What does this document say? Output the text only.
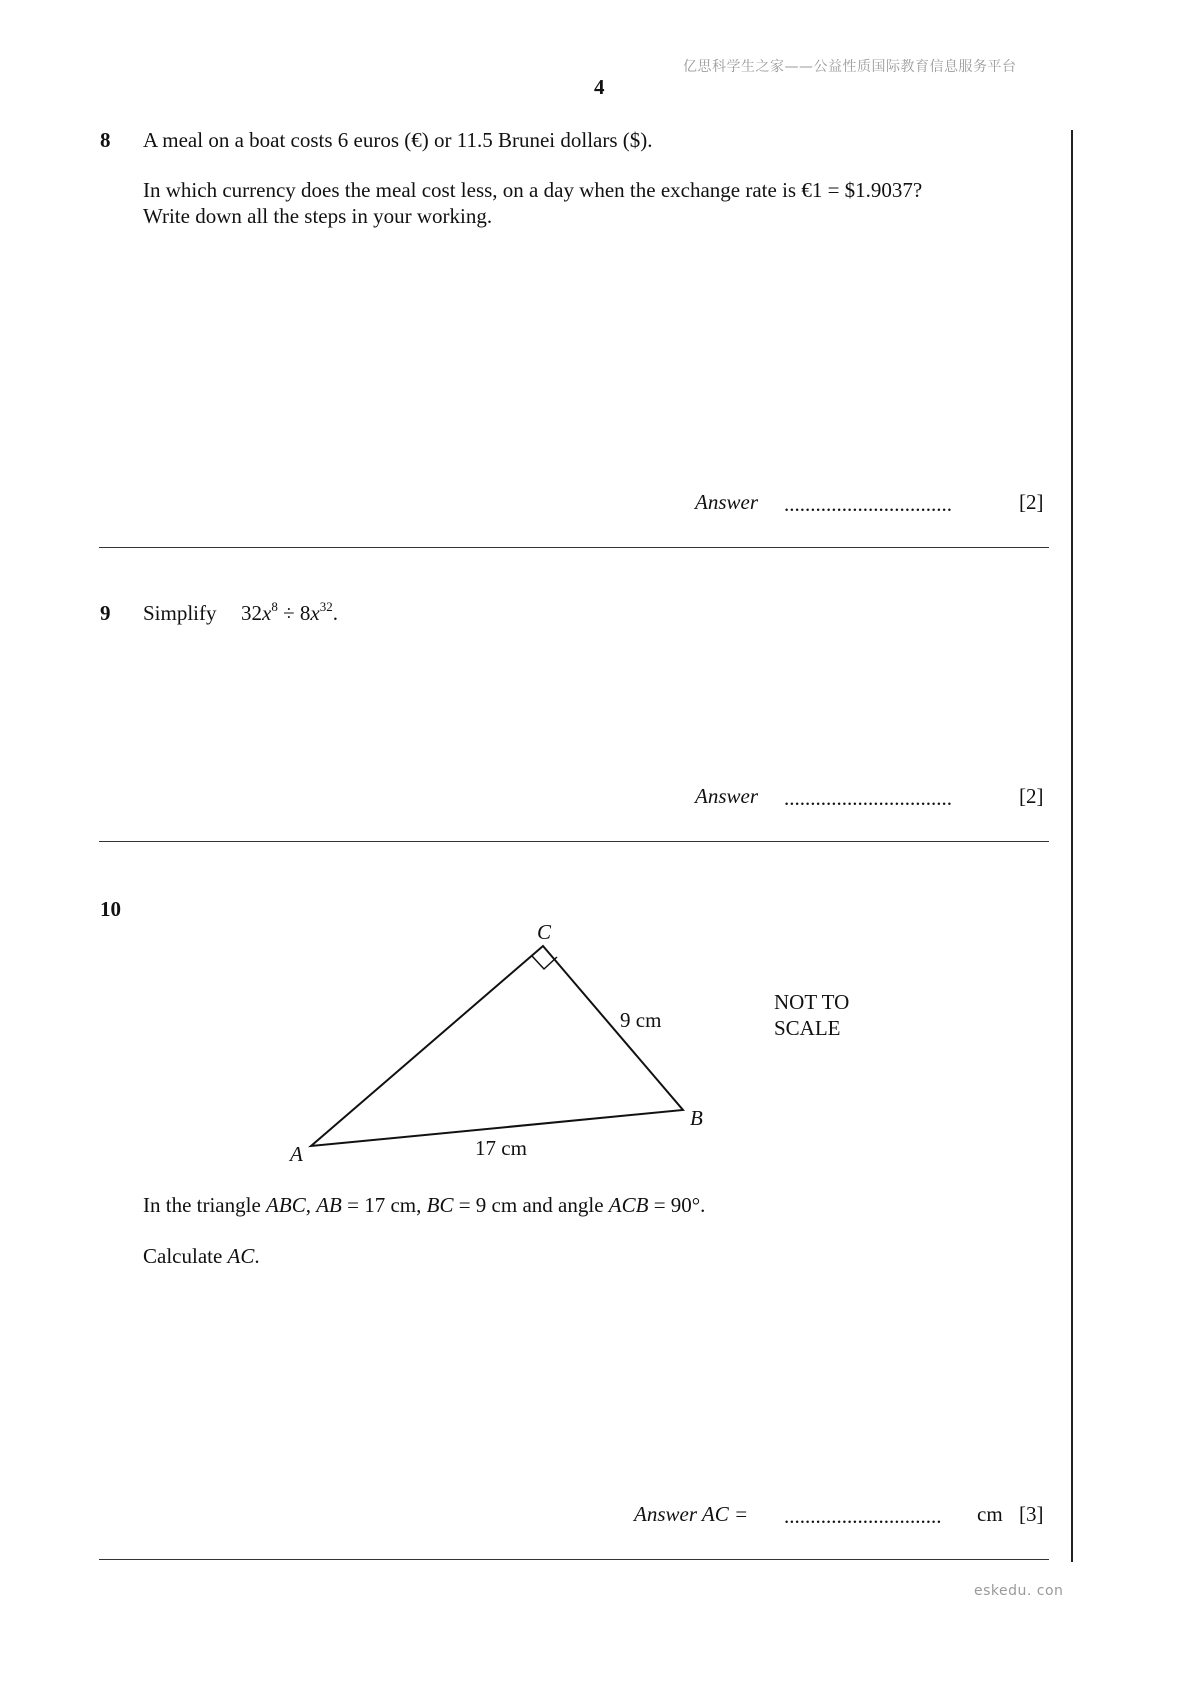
亿思科学生之家——公益性质国际教育信息服务平台
4
8 A meal on a boat costs 6 euros (€) or 11.5 Brunei dollars ($).
In which currency does the meal cost less, on a day when the exchange rate is €1 = $1.9037?
Write down all the steps in your working.
Answer ................................	[2]
9 Simplify $32x^8 \div 8x^{32}$.
Answer ................................	[2]
10
C
A
B
9 cm
17 cm
NOT TO
SCALE
In the triangle ABC, AB = 17 cm, BC = 9 cm and angle ACB = 90°.
Calculate AC.
Answer AC = .............................. cm [3]
eskedu. con
